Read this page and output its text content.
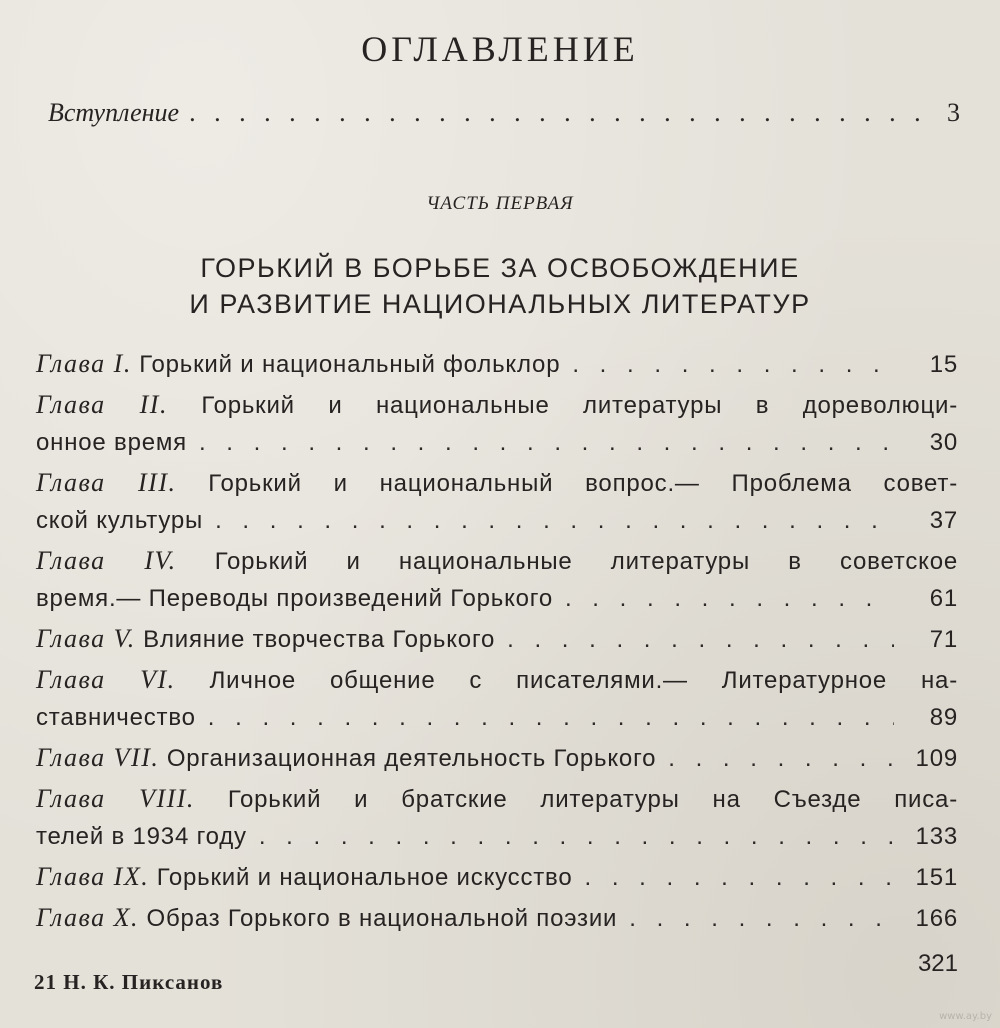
ОГЛАВЛЕНИЕ
Вступление . . .	3
ЧАСТЬ ПЕРВАЯ
ГОРЬКИЙ В БОРЬБЕ ЗА ОСВОБОЖДЕНИЕ
И РАЗВИТИЕ НАЦИОНАЛЬНЫХ ЛИТЕРАТУР
Глава I. Горький и национальный фольклор . . .	15
Глава II. Горький и национальные литературы в дореволюци-
онное время . . .	30
Глава III. Горький и национальный вопрос.— Проблема совет-
ской культуры . . .	37
Глава IV. Горький и национальные литературы в советское
время.— Переводы произведений Горького . . .	61
Глава V. Влияние творчества Горького . . .	71
Глава VI. Личное общение с писателями.— Литературное на-
ставничество . . .	89
Глава VII. Организационная деятельность Горького . . .	109
Глава VIII. Горький и братские литературы на Съезде писа-
телей в 1934 году . . .	133
Глава IX. Горький и национальное искусство . . .	151
Глава X. Образ Горького в национальной поэзии . . .	166
21 Н. К. Пиксанов
321
www.ay.by
